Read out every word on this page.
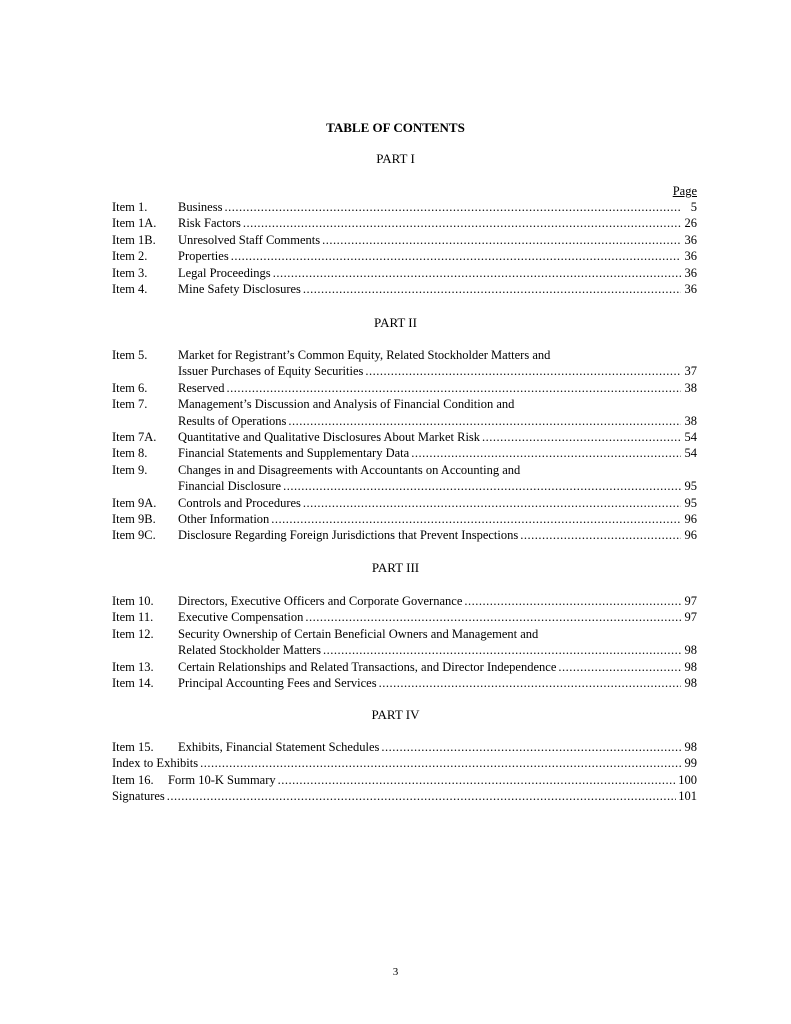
TABLE OF CONTENTS
PART I
Page
Item 1. Business .....	5
Item 1A. Risk Factors .....	26
Item 1B. Unresolved Staff Comments .....	36
Item 2. Properties .....	36
Item 3. Legal Proceedings .....	36
Item 4. Mine Safety Disclosures .....	36
PART II
Item 5. Market for Registrant’s Common Equity, Related Stockholder Matters and
Issuer Purchases of Equity Securities .....	37
Item 6. Reserved .....	38
Item 7. Management’s Discussion and Analysis of Financial Condition and
Results of Operations .....	38
Item 7A. Quantitative and Qualitative Disclosures About Market Risk .....	54
Item 8. Financial Statements and Supplementary Data .....	54
Item 9. Changes in and Disagreements with Accountants on Accounting and
Financial Disclosure .....	95
Item 9A. Controls and Procedures .....	95
Item 9B. Other Information .....	96
Item 9C. Disclosure Regarding Foreign Jurisdictions that Prevent Inspections .....	96
PART III
Item 10. Directors, Executive Officers and Corporate Governance .....	97
Item 11. Executive Compensation .....	97
Item 12. Security Ownership of Certain Beneficial Owners and Management and
Related Stockholder Matters .....	98
Item 13. Certain Relationships and Related Transactions, and Director Independence .....	98
Item 14. Principal Accounting Fees and Services .....	98
PART IV
Item 15. Exhibits, Financial Statement Schedules .....	98
Index to Exhibits .....	99
Item 16. Form 10-K Summary .....	100
Signatures .....	101
3
